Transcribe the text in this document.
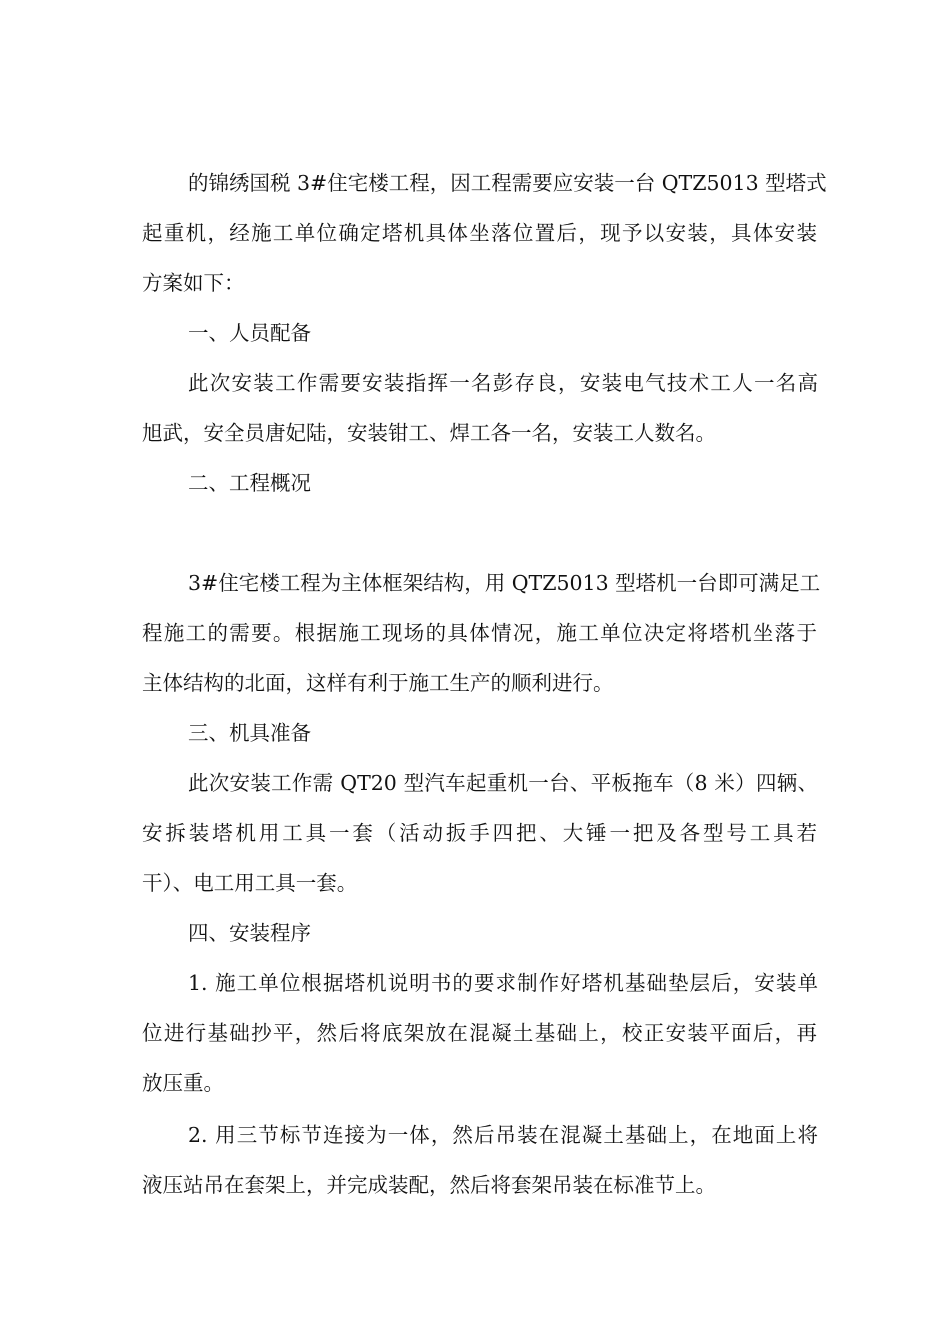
的锦绣国税 3#住宅楼工程，因工程需要应安装一台 QTZ5013 型塔式
起重机，经施工单位确定塔机具体坐落位置后，现予以安装，具体安装
方案如下：
一、人员配备
此次安装工作需要安装指挥一名彭存良，安装电气技术工人一名高
旭武，安全员唐妃陆，安装钳工、焊工各一名，安装工人数名。
二、工程概况
3#住宅楼工程为主体框架结构，用 QTZ5013 型塔机一台即可满足工
程施工的需要。根据施工现场的具体情况，施工单位决定将塔机坐落于
主体结构的北面，这样有利于施工生产的顺利进行。
三、机具准备
此次安装工作需 QT20 型汽车起重机一台、平板拖车（8 米）四辆、
安拆装塔机用工具一套（活动扳手四把、大锤一把及各型号工具若
干）、电工用工具一套。
四、安装程序
1. 施工单位根据塔机说明书的要求制作好塔机基础垫层后，安装单
位进行基础抄平，然后将底架放在混凝土基础上，校正安装平面后，再
放压重。
2. 用三节标节连接为一体，然后吊装在混凝土基础上，在地面上将
液压站吊在套架上，并完成装配，然后将套架吊装在标准节上。
